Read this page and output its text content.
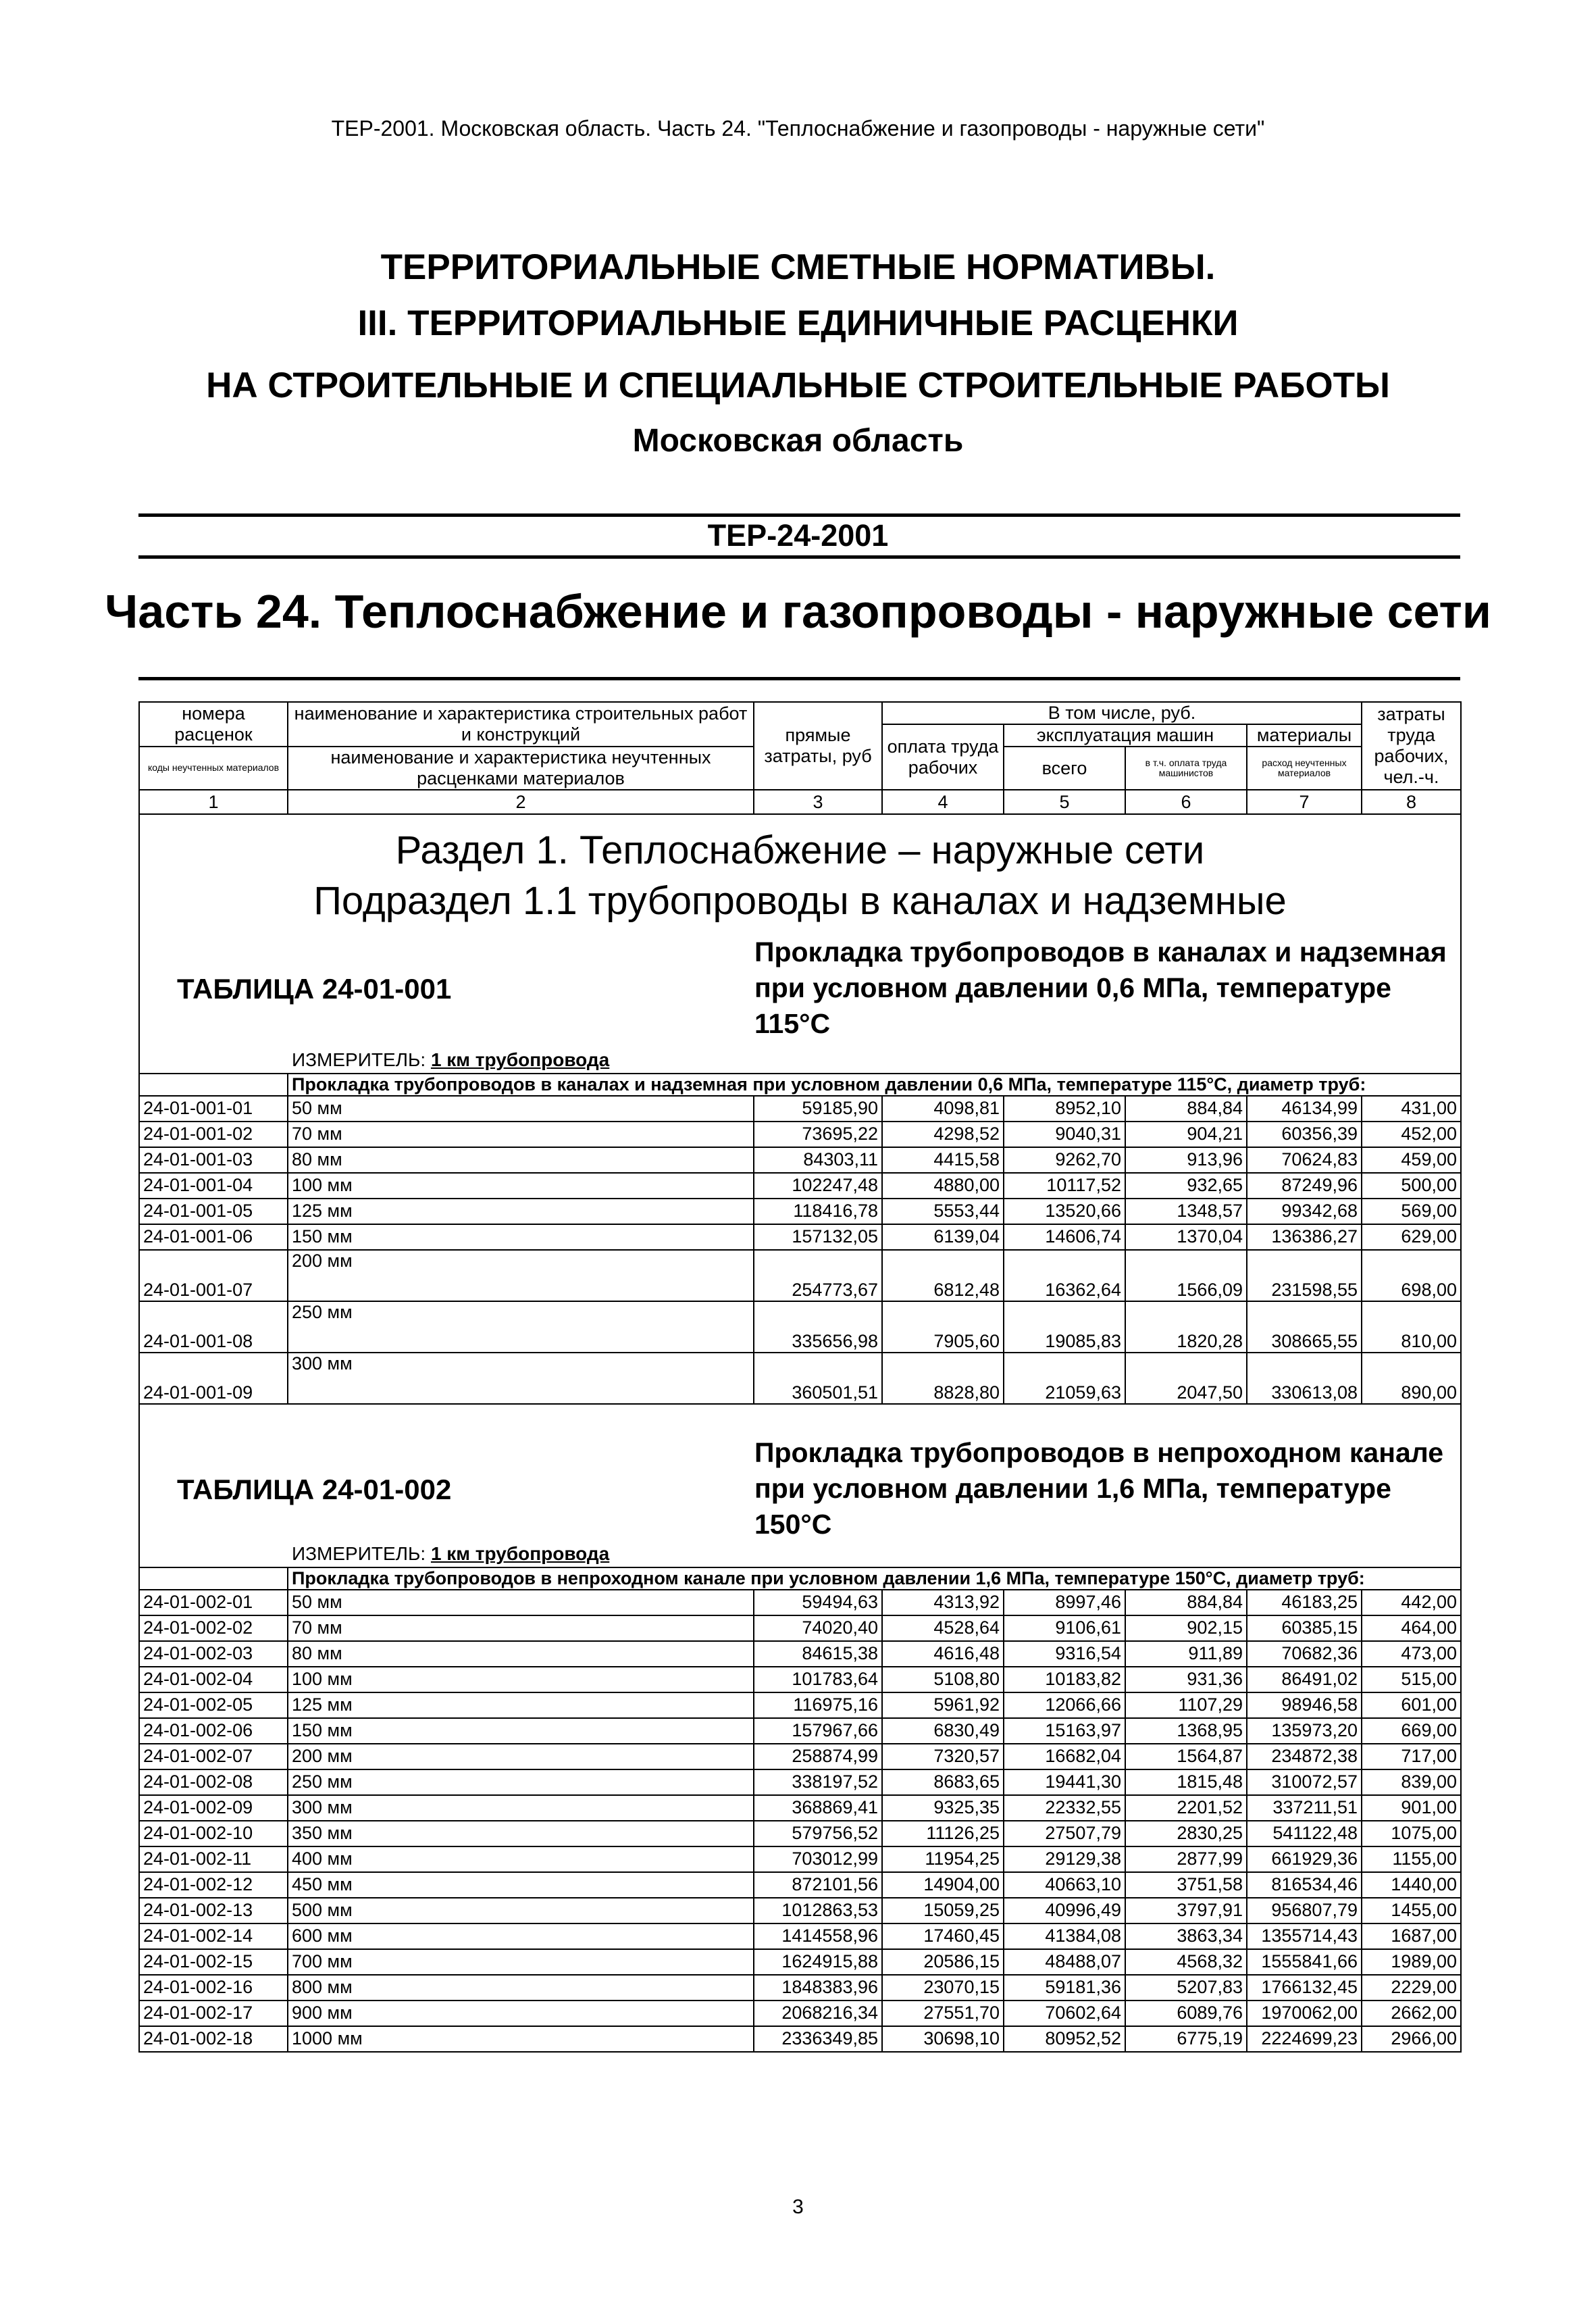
ТЕР-2001. Московская область. Часть 24. "Теплоснабжение и газопроводы - наружные сети"
ТЕРРИТОРИАЛЬНЫЕ СМЕТНЫЕ НОРМАТИВЫ.
III. ТЕРРИТОРИАЛЬНЫЕ ЕДИНИЧНЫЕ РАСЦЕНКИ
НА СТРОИТЕЛЬНЫЕ И СПЕЦИАЛЬНЫЕ СТРОИТЕЛЬНЫЕ РАБОТЫ
Московская область
ТЕР-24-2001
Часть 24. Теплоснабжение и газопроводы - наружные сети
номера расценок	наименование и характеристика строительных работ и конструкций	прямые затраты, руб	В том числе, руб.				затраты труда рабочих, чел.-ч.
			оплата труда рабочих	эксплуатация машин		материалы	
коды неучтенных материалов	наименование и характеристика неучтенных расценками материалов			всего	в т.ч. оплата труда машинистов	расход неучтенных материалов	

1	2	3	4	5	6	7	8

Раздел 1. Теплоснабжение – наружные сети
Подраздел 1.1 трубопроводы в каналах и надземные							

ТАБЛИЦА 24-01-001
Прокладка трубопроводов в каналах и надземная при условном давлении 0,6 МПа, температуре 115°С
ИЗМЕРИТЕЛЬ: 1 км трубопровода							

	Прокладка трубопроводов в каналах и надземная при условном давлении 0,6 МПа, температуре 115°С, диаметр труб:						
24-01-001-01	50 мм	59185,90	4098,81	8952,10	884,84	46134,99	431,00
24-01-001-02	70 мм	73695,22	4298,52	9040,31	904,21	60356,39	452,00
24-01-001-03	80 мм	84303,11	4415,58	9262,70	913,96	70624,83	459,00
24-01-001-04	100 мм	102247,48	4880,00	10117,52	932,65	87249,96	500,00
24-01-001-05	125 мм	118416,78	5553,44	13520,66	1348,57	99342,68	569,00
24-01-001-06	150 мм	157132,05	6139,04	14606,74	1370,04	136386,27	629,00
24-01-001-07	200 мм	254773,67	6812,48	16362,64	1566,09	231598,55	698,00
24-01-001-08	250 мм	335656,98	7905,60	19085,83	1820,28	308665,55	810,00
24-01-001-09	300 мм	360501,51	8828,80	21059,63	2047,50	330613,08	890,00

ТАБЛИЦА 24-01-002
Прокладка трубопроводов в непроходном канале при условном давлении 1,6 МПа, температуре 150°С
ИЗМЕРИТЕЛЬ: 1 км трубопровода							

	Прокладка трубопроводов в непроходном канале при условном давлении 1,6 МПа, температуре 150°С, диаметр труб:						
24-01-002-01	50 мм	59494,63	4313,92	8997,46	884,84	46183,25	442,00
24-01-002-02	70 мм	74020,40	4528,64	9106,61	902,15	60385,15	464,00
24-01-002-03	80 мм	84615,38	4616,48	9316,54	911,89	70682,36	473,00
24-01-002-04	100 мм	101783,64	5108,80	10183,82	931,36	86491,02	515,00
24-01-002-05	125 мм	116975,16	5961,92	12066,66	1107,29	98946,58	601,00
24-01-002-06	150 мм	157967,66	6830,49	15163,97	1368,95	135973,20	669,00
24-01-002-07	200 мм	258874,99	7320,57	16682,04	1564,87	234872,38	717,00
24-01-002-08	250 мм	338197,52	8683,65	19441,30	1815,48	310072,57	839,00
24-01-002-09	300 мм	368869,41	9325,35	22332,55	2201,52	337211,51	901,00
24-01-002-10	350 мм	579756,52	11126,25	27507,79	2830,25	541122,48	1075,00
24-01-002-11	400 мм	703012,99	11954,25	29129,38	2877,99	661929,36	1155,00
24-01-002-12	450 мм	872101,56	14904,00	40663,10	3751,58	816534,46	1440,00
24-01-002-13	500 мм	1012863,53	15059,25	40996,49	3797,91	956807,79	1455,00
24-01-002-14	600 мм	1414558,96	17460,45	41384,08	3863,34	1355714,43	1687,00
24-01-002-15	700 мм	1624915,88	20586,15	48488,07	4568,32	1555841,66	1989,00
24-01-002-16	800 мм	1848383,96	23070,15	59181,36	5207,83	1766132,45	2229,00
24-01-002-17	900 мм	2068216,34	27551,70	70602,64	6089,76	1970062,00	2662,00
24-01-002-18	1000 мм	2336349,85	30698,10	80952,52	6775,19	2224699,23	2966,00
3
